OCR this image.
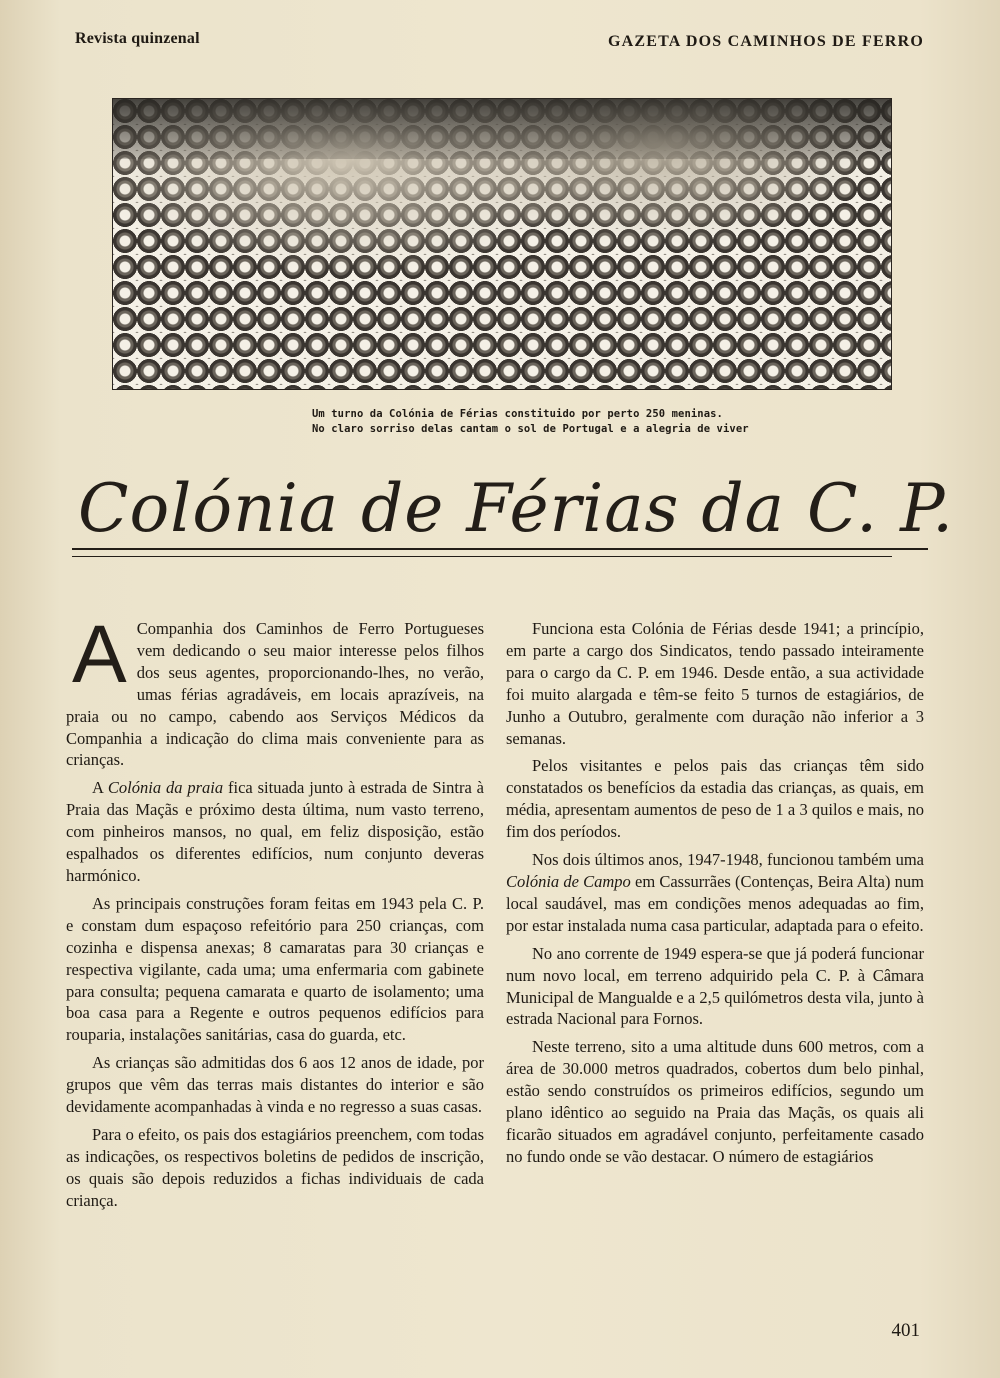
Revista quinzenal	GAZETA DOS CAMINHOS DE FERRO
Um turno da Colónia de Férias constituido por perto 250 meninas.
No claro sorriso delas cantam o sol de Portugal e a alegria de viver
Colónia de Férias da C. P.

A Companhia dos Caminhos de Ferro Portugueses vem dedicando o seu maior interesse pelos filhos dos seus agentes, proporcionando-lhes, no verão, umas férias agradáveis, em locais aprazíveis, na praia ou no campo, cabendo aos Serviços Médicos da Companhia a indicação do clima mais conveniente para as crianças.

A Colónia da praia fica situada junto à estrada de Sintra à Praia das Maçãs e próximo desta última, num vasto terreno, com pinheiros mansos, no qual, em feliz disposição, estão espalhados os diferentes edifícios, num conjunto deveras harmónico.

As principais construções foram feitas em 1943 pela C. P. e constam dum espaçoso refeitório para 250 crianças, com cozinha e dispensa anexas; 8 camaratas para 30 crianças e respectiva vigilante, cada uma; uma enfermaria com gabinete para consulta; pequena camarata e quarto de isolamento; uma boa casa para a Regente e outros pequenos edifícios para rouparia, instalações sanitárias, casa do guarda, etc.

As crianças são admitidas dos 6 aos 12 anos de idade, por grupos que vêm das terras mais distantes do interior e são devidamente acompanhadas à vinda e no regresso a suas casas.

Para o efeito, os pais dos estagiários preenchem, com todas as indicações, os respectivos boletins de pedidos de inscrição, os quais são depois reduzidos a fichas individuais de cada criança.

Funciona esta Colónia de Férias desde 1941; a princípio, em parte a cargo dos Sindicatos, tendo passado inteiramente para o cargo da C. P. em 1946. Desde então, a sua actividade foi muito alargada e têm-se feito 5 turnos de estagiários, de Junho a Outubro, geralmente com duração não inferior a 3 semanas.

Pelos visitantes e pelos pais das crianças têm sido constatados os benefícios da estadia das crianças, as quais, em média, apresentam aumentos de peso de 1 a 3 quilos e mais, no fim dos períodos.

Nos dois últimos anos, 1947-1948, funcionou também uma Colónia de Campo em Cassurrães (Contenças, Beira Alta) num local saudável, mas em condições menos adequadas ao fim, por estar instalada numa casa particular, adaptada para o efeito.

No ano corrente de 1949 espera-se que já poderá funcionar num novo local, em terreno adquirido pela C. P. à Câmara Municipal de Mangualde e a 2,5 quilómetros desta vila, junto à estrada Nacional para Fornos.

Neste terreno, sito a uma altitude duns 600 metros, com a área de 30.000 metros quadrados, cobertos dum belo pinhal, estão sendo construídos os primeiros edifícios, segundo um plano idêntico ao seguido na Praia das Maçãs, os quais ali ficarão situados em agradável conjunto, perfeitamente casado no fundo onde se vão destacar. O número de estagiários

401
